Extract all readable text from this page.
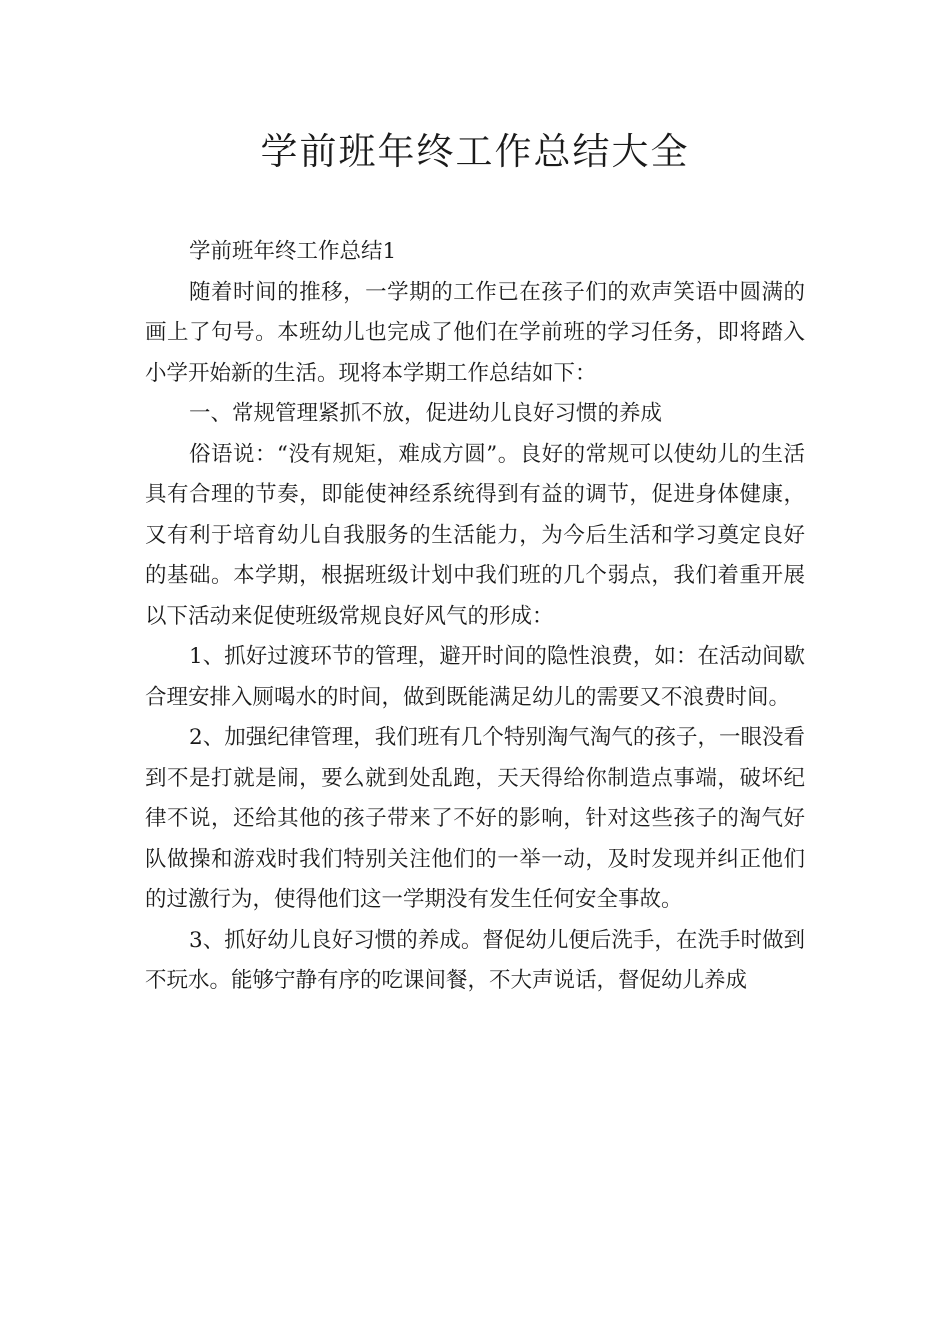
学前班年终工作总结大全

学前班年终工作总结1

随着时间的推移，一学期的工作已在孩子们的欢声笑语中圆满的画上了句号。本班幼儿也完成了他们在学前班的学习任务，即将踏入小学开始新的生活。现将本学期工作总结如下：

一、常规管理紧抓不放，促进幼儿良好习惯的养成

俗语说：“没有规矩，难成方圆”。良好的常规可以使幼儿的生活具有合理的节奏，即能使神经系统得到有益的调节，促进身体健康，又有利于培育幼儿自我服务的生活能力，为今后生活和学习奠定良好的基础。本学期，根据班级计划中我们班的几个弱点，我们着重开展以下活动来促使班级常规良好风气的形成：

1、抓好过渡环节的管理，避开时间的隐性浪费，如：在活动间歇合理安排入厕喝水的时间，做到既能满足幼儿的需要又不浪费时间。

2、加强纪律管理，我们班有几个特别淘气淘气的孩子，一眼没看到不是打就是闹，要么就到处乱跑，天天得给你制造点事端，破坏纪律不说，还给其他的孩子带来了不好的影响，针对这些孩子的淘气好队做操和游戏时我们特别关注他们的一举一动，及时发现并纠正他们的过激行为，使得他们这一学期没有发生任何安全事故。

3、抓好幼儿良好习惯的养成。督促幼儿便后洗手，在洗手时做到不玩水。能够宁静有序的吃课间餐，不大声说话，督促幼儿养成
